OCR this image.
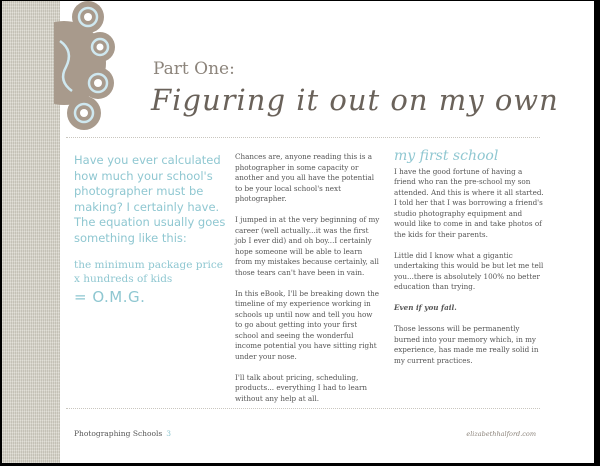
Part One:
Figuring it out on my own

Have you ever calculated how much your school's photographer must be making? I certainly have. The equation usually goes something like this:

the minimum package price
x hundreds of kids
= O.M.G.

Chances are, anyone reading this is a photographer in some capacity or another and you all have the potential to be your local school's next photographer.

I jumped in at the very beginning of my career (well actually...it was the first job I ever did) and oh boy...I certainly hope someone will be able to learn from my mistakes because certainly, all those tears can't have been in vain.

In this eBook, I'll be breaking down the timeline of my experience working in schools up until now and tell you how to go about getting into your first school and seeing the wonderful income potential you have sitting right under your nose.

I'll talk about pricing, scheduling, products... everything I had to learn without any help at all.

my first school

I have the good fortune of having a friend who ran the pre-school my son attended. And this is where it all started. I told her that I was borrowing a friend's studio photography equipment and would like to come in and take photos of the kids for their parents.

Little did I know what a gigantic undertaking this would be but let me tell you...there is absolutely 100% no better education than trying.

Even if you fail.

Those lessons will be permanently burned into your memory which, in my experience, has made me really solid in my current practices.

Photographing Schools 3	elizabethhalford.com
